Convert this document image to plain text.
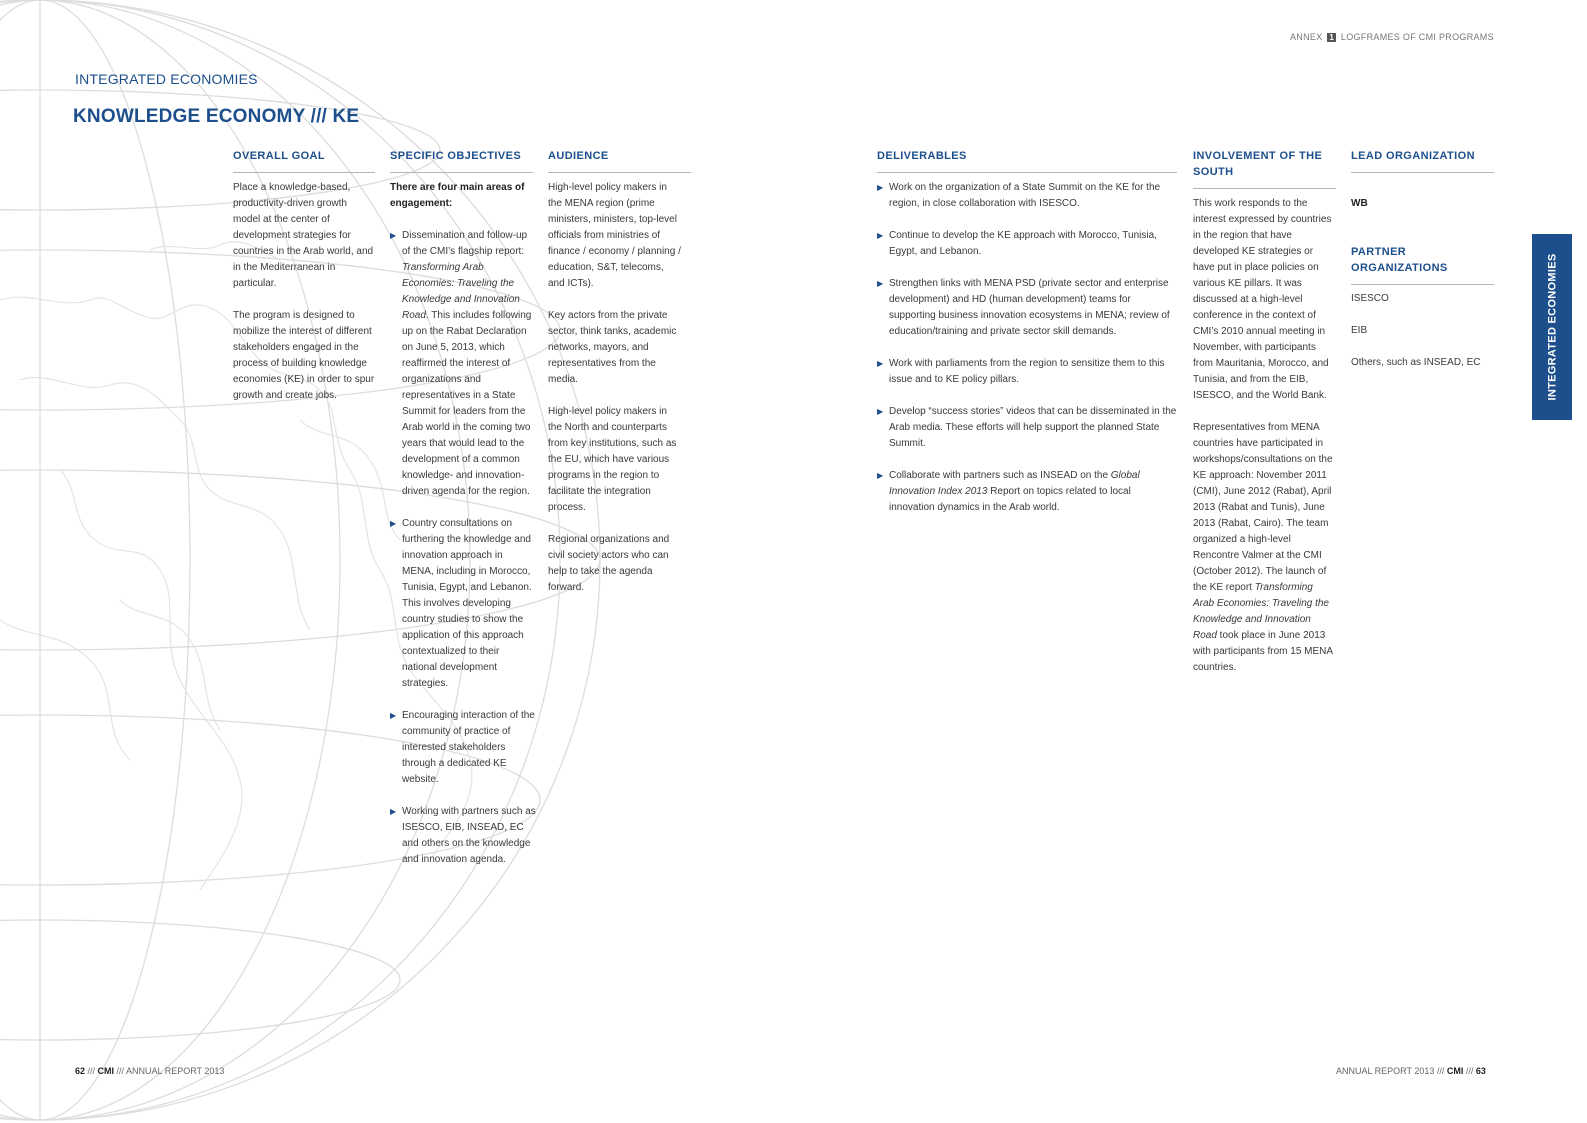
ANNEX 1 LOGFRAMES OF CMI PROGRAMS
INTEGRATED ECONOMIES
KNOWLEDGE ECONOMY /// KE
OVERALL GOAL

Place a knowledge-based, productivity-driven growth model at the center of development strategies for countries in the Arab world, and in the Mediterranean in particular.

The program is designed to mobilize the interest of different stakeholders engaged in the process of building knowledge economies (KE) in order to spur growth and create jobs.

SPECIFIC OBJECTIVES

There are four main areas of engagement:

▶ Dissemination and follow-up of the CMI’s flagship report: Transforming Arab Economies: Traveling the Knowledge and Innovation Road. This includes following up on the Rabat Declaration on June 5, 2013, which reaffirmed the interest of organizations and representatives in a State Summit for leaders from the Arab world in the coming two years that would lead to the development of a common knowledge- and innovation-driven agenda for the region.
▶ Country consultations on furthering the knowledge and innovation approach in MENA, including in Morocco, Tunisia, Egypt, and Lebanon. This involves developing country studies to show the application of this approach contextualized to their national development strategies.
▶ Encouraging interaction of the community of practice of interested stakeholders through a dedicated KE website.
▶ Working with partners such as ISESCO, EIB, INSEAD, EC and others on the knowledge and innovation agenda.
AUDIENCE

High-level policy makers in the MENA region (prime ministers, ministers, top-level officials from ministries of finance / economy / planning / education, S&T, telecoms, and ICTs).

Key actors from the private sector, think tanks, academic networks, mayors, and representatives from the media.

High-level policy makers in the North and counterparts from key institutions, such as the EU, which have various programs in the region to facilitate the integration process.

Regional organizations and civil society actors who can help to take the agenda forward.

DELIVERABLES
▶ Work on the organization of a State Summit on the KE for the region, in close collaboration with ISESCO.
▶ Continue to develop the KE approach with Morocco, Tunisia, Egypt, and Lebanon.
▶ Strengthen links with MENA PSD (private sector and enterprise development) and HD (human development) teams for supporting business innovation ecosystems in MENA; review of education/training and private sector skill demands.
▶ Work with parliaments from the region to sensitize them to this issue and to KE policy pillars.
▶ Develop “success stories” videos that can be disseminated in the Arab media. These efforts will help support the planned State Summit.
▶ Collaborate with partners such as INSEAD on the Global Innovation Index 2013 Report on topics related to local innovation dynamics in the Arab world.
INVOLVEMENT OF THE SOUTH

This work responds to the interest expressed by countries in the region that have developed KE strategies or have put in place policies on various KE pillars. It was discussed at a high-level conference in the context of CMI’s 2010 annual meeting in November, with participants from Mauritania, Morocco, and Tunisia, and from the EIB, ISESCO, and the World Bank.

Representatives from MENA countries have participated in workshops/consultations on the KE approach: November 2011 (CMI), June 2012 (Rabat), April 2013 (Rabat and Tunis), June 2013 (Rabat, Cairo). The team organized a high-level Rencontre Valmer at the CMI (October 2012). The launch of the KE report Transforming Arab Economies: Traveling the Knowledge and Innovation Road took place in June 2013 with participants from 15 MENA countries.

LEAD ORGANIZATION
WB
PARTNER ORGANIZATIONS

ISESCO

EIB

Others, such as INSEAD, EC	INTEGRATED ECONOMIES
62 /// CMI /// ANNUAL REPORT 2013	ANNUAL REPORT 2013 /// CMI /// 63
